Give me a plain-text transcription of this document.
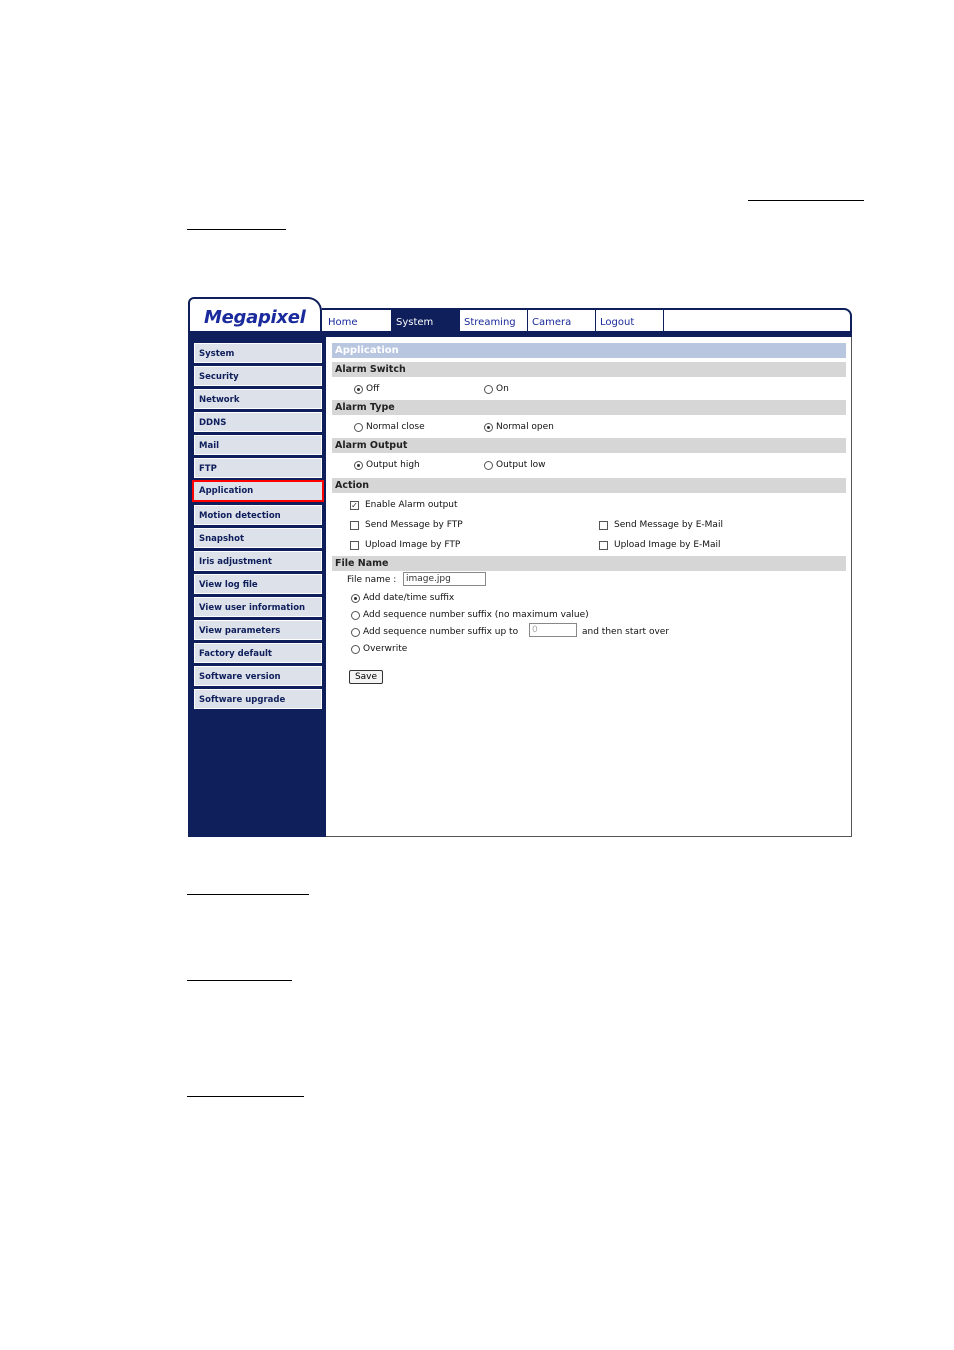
Megapixel	Home	System	Streaming	Camera	Logout
System
Security
Network
DDNS
Mail
FTP
Application
Motion detection
Snapshot
Iris adjustment
View log file
View user information
View parameters
Factory default
Software version
Software upgrade
Application
Alarm Switch
Off	On
Alarm Type
Normal close	Normal open
Alarm Output
Output high	Output low
Action
✓ Enable Alarm output
Send Message by FTP	Send Message by E-Mail
Upload Image by FTP	Upload Image by E-Mail
File Name
File name :	image.jpg
Add date/time suffix
Add sequence number suffix (no maximum value)
Add sequence number suffix up to	0	and then start over
Overwrite
Save
